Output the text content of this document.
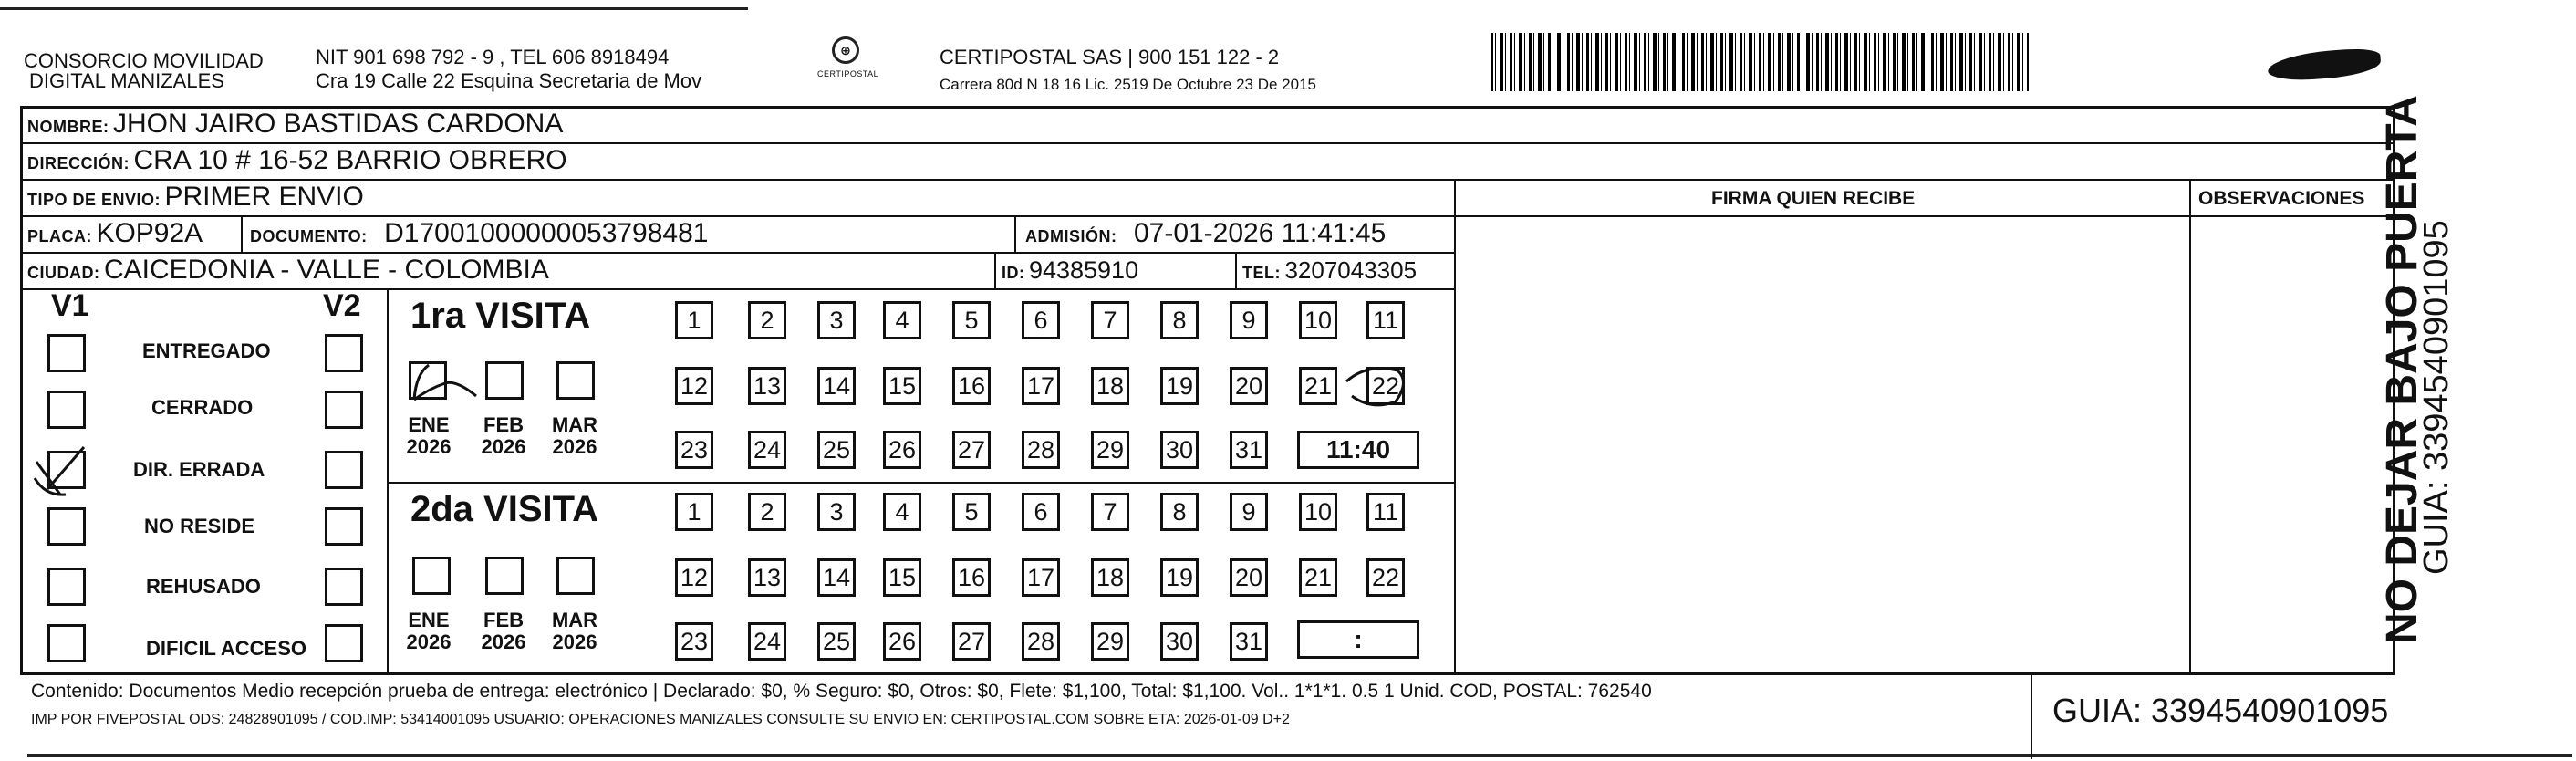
CONSORCIO MOVILIDAD
DIGITAL MANIZALES
NIT 901 698 792 - 9 , TEL 606 8918494
Cra 19 Calle 22 Esquina Secretaria de Mov
⊕
CERTIPOSTAL
CERTIPOSTAL SAS | 900 151 122 - 2
Carrera 80d N 18 16 Lic. 2519 De Octubre 23 De 2015
NOMBRE: JHON JAIRO BASTIDAS CARDONA
DIRECCIÓN: CRA 10 # 16-52 BARRIO OBRERO
TIPO DE ENVIO: PRIMER ENVIO	FIRMA QUIEN RECIBE	OBSERVACIONES
PLACA: KOP92A	DOCUMENTO: D17001000000053798481	ADMISIÓN: 07-01-2026 11:41:45
CIUDAD: CAICEDONIA - VALLE - COLOMBIA	ID: 94385910	TEL: 3207043305
V1	V2
ENTREGADO
CERRADO
DIR. ERRADA
NO RESIDE
REHUSADO
DIFICIL ACCESO
1ra VISITA
ENE
2026
FEB
2026
MAR
2026
1	2	3	4	5	6	7	8	9	10 11
12 13 14 15 16 17 18 19 20 21 22
23 24 25 26 27 28 29 30 31	11:40
2da VISITA
ENE
2026
FEB
2026
MAR
2026
1	2	3	4	5	6	7	8	9	10 11
12 13 14 15 16 17 18 19 20 21 22
23 24 25 26 27 28 29 30 31	:
Contenido: Documentos Medio recepción prueba de entrega: electrónico | Declarado: $0, % Seguro: $0, Otros: $0, Flete: $1,100, Total: $1,100. Vol.. 1*1*1. 0.5 1 Unid. COD, POSTAL: 762540
IMP POR FIVEPOSTAL ODS: 24828901095 / COD.IMP: 53414001095 USUARIO: OPERACIONES MANIZALES CONSULTE SU ENVIO EN: CERTIPOSTAL.COM SOBRE ETA: 2026-01-09 D+2	GUIA: 3394540901095
NO DEJAR BAJO PUERTA
GUIA: 3394540901095
